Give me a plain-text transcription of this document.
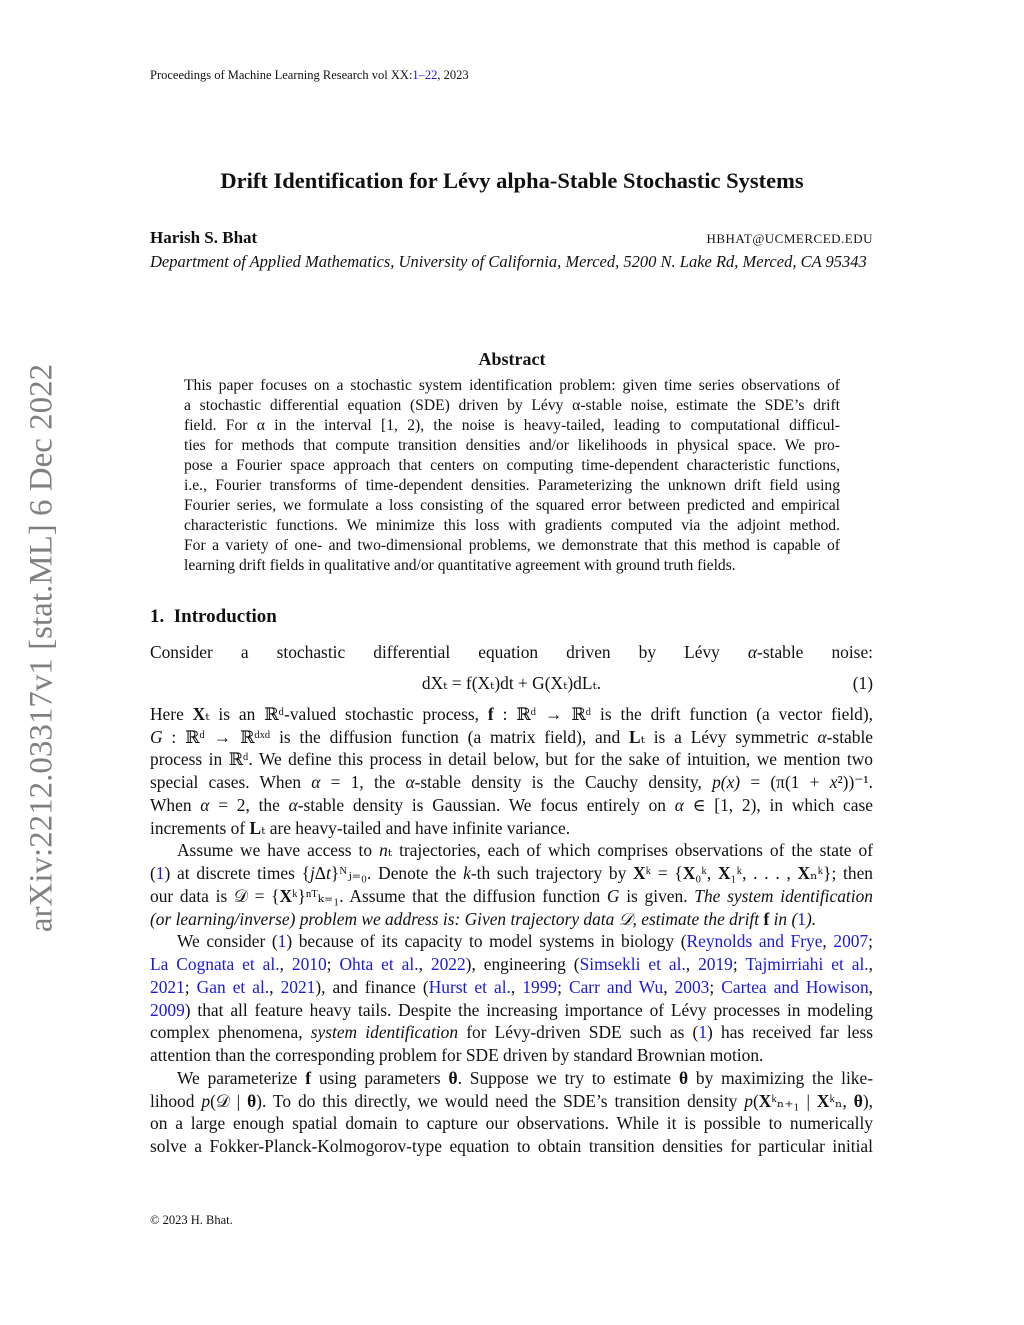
Proceedings of Machine Learning Research vol XX:1–22, 2023
Drift Identification for Lévy alpha-Stable Stochastic Systems
Harish S. Bhat	HBHAT@UCMERCED.EDU
Department of Applied Mathematics, University of California, Merced, 5200 N. Lake Rd, Merced, CA 95343
Abstract
This paper focuses on a stochastic system identification problem: given time series observations of
a stochastic differential equation (SDE) driven by Lévy α-stable noise, estimate the SDE’s drift
field. For α in the interval [1, 2), the noise is heavy-tailed, leading to computational difficul-
ties for methods that compute transition densities and/or likelihoods in physical space. We pro-
pose a Fourier space approach that centers on computing time-dependent characteristic functions,
i.e., Fourier transforms of time-dependent densities. Parameterizing the unknown drift field using
Fourier series, we formulate a loss consisting of the squared error between predicted and empirical
characteristic functions. We minimize this loss with gradients computed via the adjoint method.
For a variety of one- and two-dimensional problems, we demonstrate that this method is capable of
learning drift fields in qualitative and/or quantitative agreement with ground truth fields.
1. Introduction
Consider a stochastic differential equation driven by Lévy α-stable noise:
dXₜ = f(Xₜ)dt + G(Xₜ)dLₜ.	(1)
Here Xₜ is an ℝᵈ-valued stochastic process, f : ℝᵈ → ℝᵈ is the drift function (a vector field),
G : ℝᵈ → ℝᵈˣᵈ is the diffusion function (a matrix field), and Lₜ is a Lévy symmetric α-stable
process in ℝᵈ. We define this process in detail below, but for the sake of intuition, we mention two
special cases. When α = 1, the α-stable density is the Cauchy density, p(x) = (π(1 + x²))⁻¹.
When α = 2, the α-stable density is Gaussian. We focus entirely on α ∈ [1, 2), in which case
increments of Lₜ are heavy-tailed and have infinite variance.
Assume we have access to nₜ trajectories, each of which comprises observations of the state of
(1) at discrete times {jΔt}ᴺⱼ₌₀. Denote the k-th such trajectory by Xᵏ = {X₀ᵏ, X₁ᵏ, . . . , Xₙᵏ}; then
our data is 𝒟 = {Xᵏ}ⁿᵀₖ₌₁. Assume that the diffusion function G is given. The system identification
(or learning/inverse) problem we address is: Given trajectory data 𝒟, estimate the drift f in (1).
We consider (1) because of its capacity to model systems in biology (Reynolds and Frye, 2007;
La Cognata et al., 2010; Ohta et al., 2022), engineering (Simsekli et al., 2019; Tajmirriahi et al.,
2021; Gan et al., 2021), and finance (Hurst et al., 1999; Carr and Wu, 2003; Cartea and Howison,
2009) that all feature heavy tails. Despite the increasing importance of Lévy processes in modeling
complex phenomena, system identification for Lévy-driven SDE such as (1) has received far less
attention than the corresponding problem for SDE driven by standard Brownian motion.
We parameterize f using parameters θ. Suppose we try to estimate θ by maximizing the like-
lihood p(𝒟 | θ). To do this directly, we would need the SDE’s transition density p(Xᵏₙ₊₁ | Xᵏₙ, θ),
on a large enough spatial domain to capture our observations. While it is possible to numerically
solve a Fokker-Planck-Kolmogorov-type equation to obtain transition densities for particular initial
© 2023 H. Bhat.
arXiv:2212.03317v1 [stat.ML] 6 Dec 2022
